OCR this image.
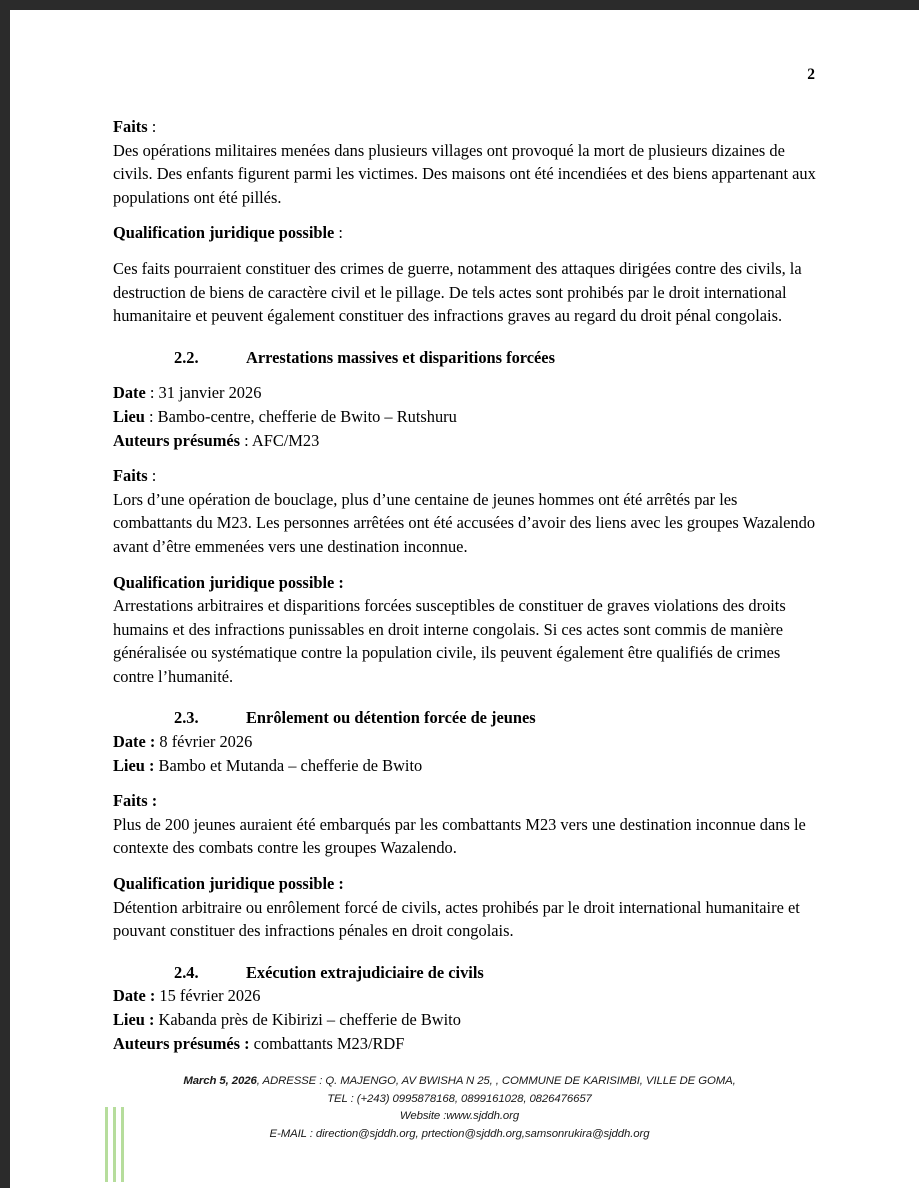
2

Faits :

Des opérations militaires menées dans plusieurs villages ont provoqué la mort de plusieurs dizaines de civils. Des enfants figurent parmi les victimes. Des maisons ont été incendiées et des biens appartenant aux populations ont été pillés.

Qualification juridique possible :

Ces faits pourraient constituer des crimes de guerre, notamment des attaques dirigées contre des civils, la destruction de biens de caractère civil et le pillage. De tels actes sont prohibés par le droit international humanitaire et peuvent également constituer des infractions graves au regard du droit pénal congolais.

2.2.	Arrestations massives et disparitions forcées

Date : 31 janvier 2026

Lieu : Bambo-centre, chefferie de Bwito – Rutshuru

Auteurs présumés : AFC/M23

Faits :

Lors d’une opération de bouclage, plus d’une centaine de jeunes hommes ont été arrêtés par les combattants du M23. Les personnes arrêtées ont été accusées d’avoir des liens avec les groupes Wazalendo avant d’être emmenées vers une destination inconnue.

Qualification juridique possible :

Arrestations arbitraires et disparitions forcées susceptibles de constituer de graves violations des droits humains et des infractions punissables en droit interne congolais. Si ces actes sont commis de manière généralisée ou systématique contre la population civile, ils peuvent également être qualifiés de crimes contre l’humanité.

2.3.	Enrôlement ou détention forcée de jeunes

Date : 8 février 2026

Lieu : Bambo et Mutanda – chefferie de Bwito

Faits :

Plus de 200 jeunes auraient été embarqués par les combattants M23 vers une destination inconnue dans le contexte des combats contre les groupes Wazalendo.

Qualification juridique possible :

Détention arbitraire ou enrôlement forcé de civils, actes prohibés par le droit international humanitaire et pouvant constituer des infractions pénales en droit congolais.

2.4.	Exécution extrajudiciaire de civils

Date : 15 février 2026

Lieu : Kabanda près de Kibirizi – chefferie de Bwito

Auteurs présumés : combattants M23/RDF

March 5, 2026, ADRESSE : Q. MAJENGO, AV BWISHA N 25, , COMMUNE DE KARISIMBI, VILLE DE GOMA,
TEL : (+243) 0995878168, 0899161028, 0826476657
Website :www.sjddh.org
E-MAIL : direction@sjddh.org, prtection@sjddh.org,samsonrukira@sjddh.org
